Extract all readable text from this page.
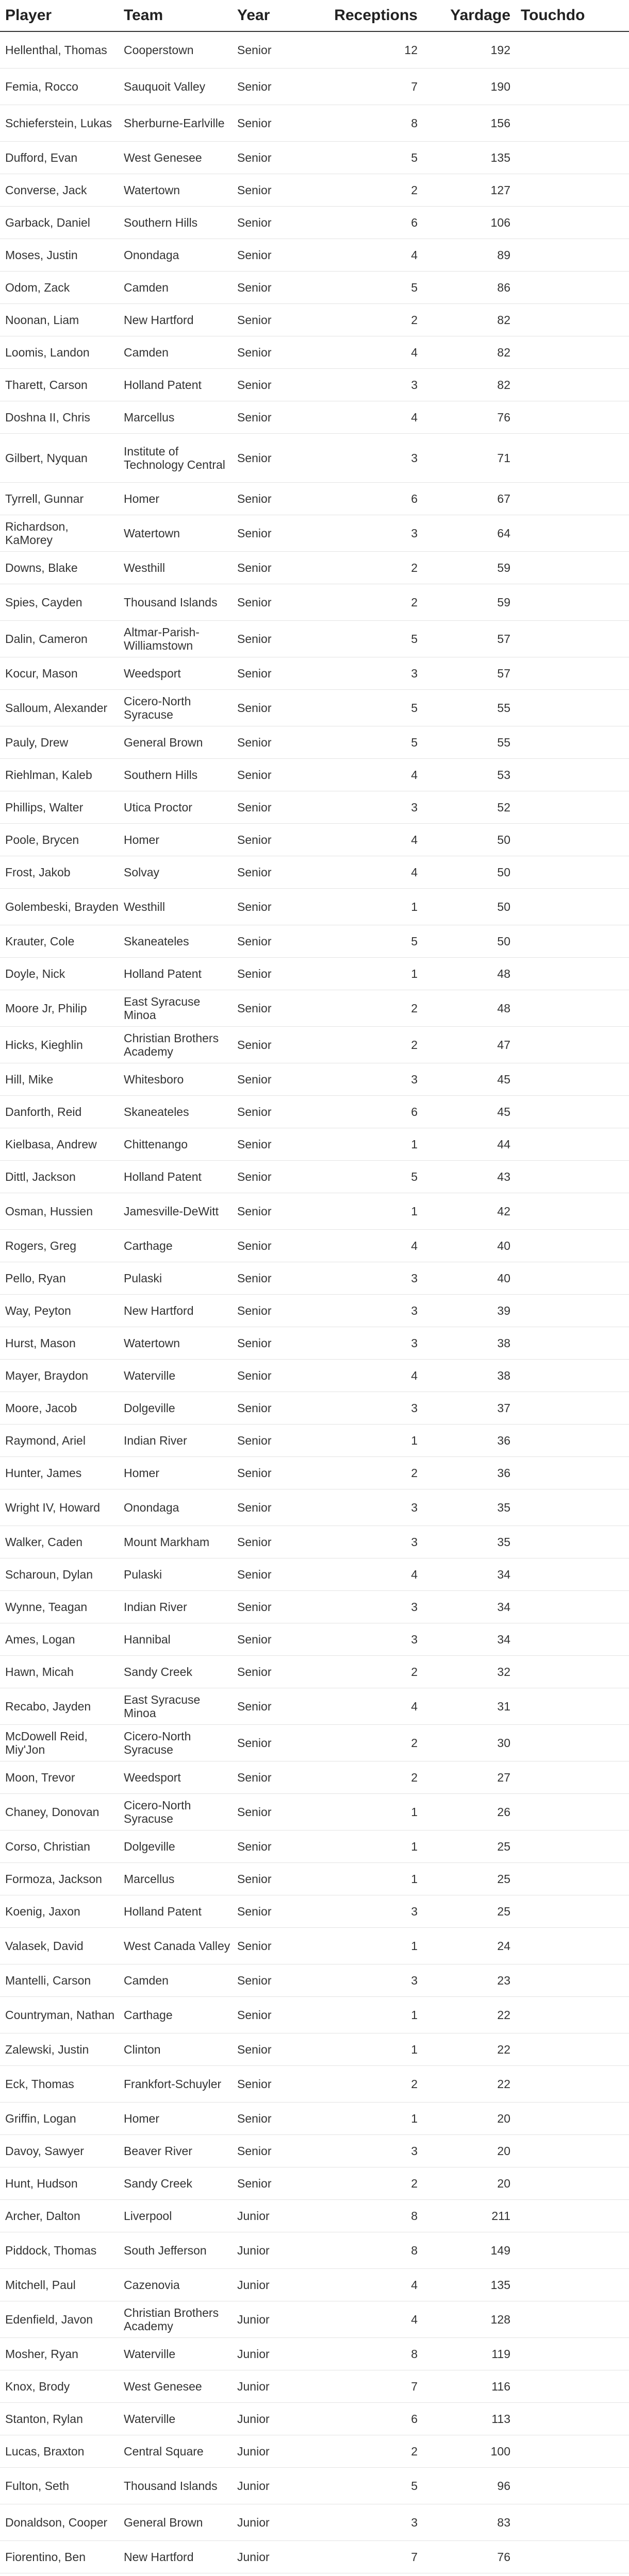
Player	Team	Year	Receptions	Yardage	Touchdo
Hellenthal, Thomas	Cooperstown	Senior	12	192	
Femia, Rocco	Sauquoit Valley	Senior	7	190	
Schieferstein, Lukas	Sherburne-Earlville	Senior	8	156	
Dufford, Evan	West Genesee	Senior	5	135	
Converse, Jack	Watertown	Senior	2	127	
Garback, Daniel	Southern Hills	Senior	6	106	
Moses, Justin	Onondaga	Senior	4	89	
Odom, Zack	Camden	Senior	5	86	
Noonan, Liam	New Hartford	Senior	2	82	
Loomis, Landon	Camden	Senior	4	82	
Tharett, Carson	Holland Patent	Senior	3	82	
Doshna II, Chris	Marcellus	Senior	4	76	
Gilbert, Nyquan	Institute of Technology Central	Senior	3	71	
Tyrrell, Gunnar	Homer	Senior	6	67	
Richardson, KaMorey	Watertown	Senior	3	64	
Downs, Blake	Westhill	Senior	2	59	
Spies, Cayden	Thousand Islands	Senior	2	59	
Dalin, Cameron	Altmar-Parish-Williamstown	Senior	5	57	
Kocur, Mason	Weedsport	Senior	3	57	
Salloum, Alexander	Cicero-North Syracuse	Senior	5	55	
Pauly, Drew	General Brown	Senior	5	55	
Riehlman, Kaleb	Southern Hills	Senior	4	53	
Phillips, Walter	Utica Proctor	Senior	3	52	
Poole, Brycen	Homer	Senior	4	50	
Frost, Jakob	Solvay	Senior	4	50	
Golembeski, Brayden	Westhill	Senior	1	50	
Krauter, Cole	Skaneateles	Senior	5	50	
Doyle, Nick	Holland Patent	Senior	1	48	
Moore Jr, Philip	East Syracuse Minoa	Senior	2	48	
Hicks, Kieghlin	Christian Brothers Academy	Senior	2	47	
Hill, Mike	Whitesboro	Senior	3	45	
Danforth, Reid	Skaneateles	Senior	6	45	
Kielbasa, Andrew	Chittenango	Senior	1	44	
Dittl, Jackson	Holland Patent	Senior	5	43	
Osman, Hussien	Jamesville-DeWitt	Senior	1	42	
Rogers, Greg	Carthage	Senior	4	40	
Pello, Ryan	Pulaski	Senior	3	40	
Way, Peyton	New Hartford	Senior	3	39	
Hurst, Mason	Watertown	Senior	3	38	
Mayer, Braydon	Waterville	Senior	4	38	
Moore, Jacob	Dolgeville	Senior	3	37	
Raymond, Ariel	Indian River	Senior	1	36	
Hunter, James	Homer	Senior	2	36	
Wright IV, Howard	Onondaga	Senior	3	35	
Walker, Caden	Mount Markham	Senior	3	35	
Scharoun, Dylan	Pulaski	Senior	4	34	
Wynne, Teagan	Indian River	Senior	3	34	
Ames, Logan	Hannibal	Senior	3	34	
Hawn, Micah	Sandy Creek	Senior	2	32	
Recabo, Jayden	East Syracuse Minoa	Senior	4	31	
McDowell Reid, Miy'Jon	Cicero-North Syracuse	Senior	2	30	
Moon, Trevor	Weedsport	Senior	2	27	
Chaney, Donovan	Cicero-North Syracuse	Senior	1	26	
Corso, Christian	Dolgeville	Senior	1	25	
Formoza, Jackson	Marcellus	Senior	1	25	
Koenig, Jaxon	Holland Patent	Senior	3	25	
Valasek, David	West Canada Valley	Senior	1	24	
Mantelli, Carson	Camden	Senior	3	23	
Countryman, Nathan	Carthage	Senior	1	22	
Zalewski, Justin	Clinton	Senior	1	22	
Eck, Thomas	Frankfort-Schuyler	Senior	2	22	
Griffin, Logan	Homer	Senior	1	20	
Davoy, Sawyer	Beaver River	Senior	3	20	
Hunt, Hudson	Sandy Creek	Senior	2	20	
Archer, Dalton	Liverpool	Junior	8	211	
Piddock, Thomas	South Jefferson	Junior	8	149	
Mitchell, Paul	Cazenovia	Junior	4	135	
Edenfield, Javon	Christian Brothers Academy	Junior	4	128	
Mosher, Ryan	Waterville	Junior	8	119	
Knox, Brody	West Genesee	Junior	7	116	
Stanton, Rylan	Waterville	Junior	6	113	
Lucas, Braxton	Central Square	Junior	2	100	
Fulton, Seth	Thousand Islands	Junior	5	96	
Donaldson, Cooper	General Brown	Junior	3	83	
Fiorentino, Ben	New Hartford	Junior	7	76	
